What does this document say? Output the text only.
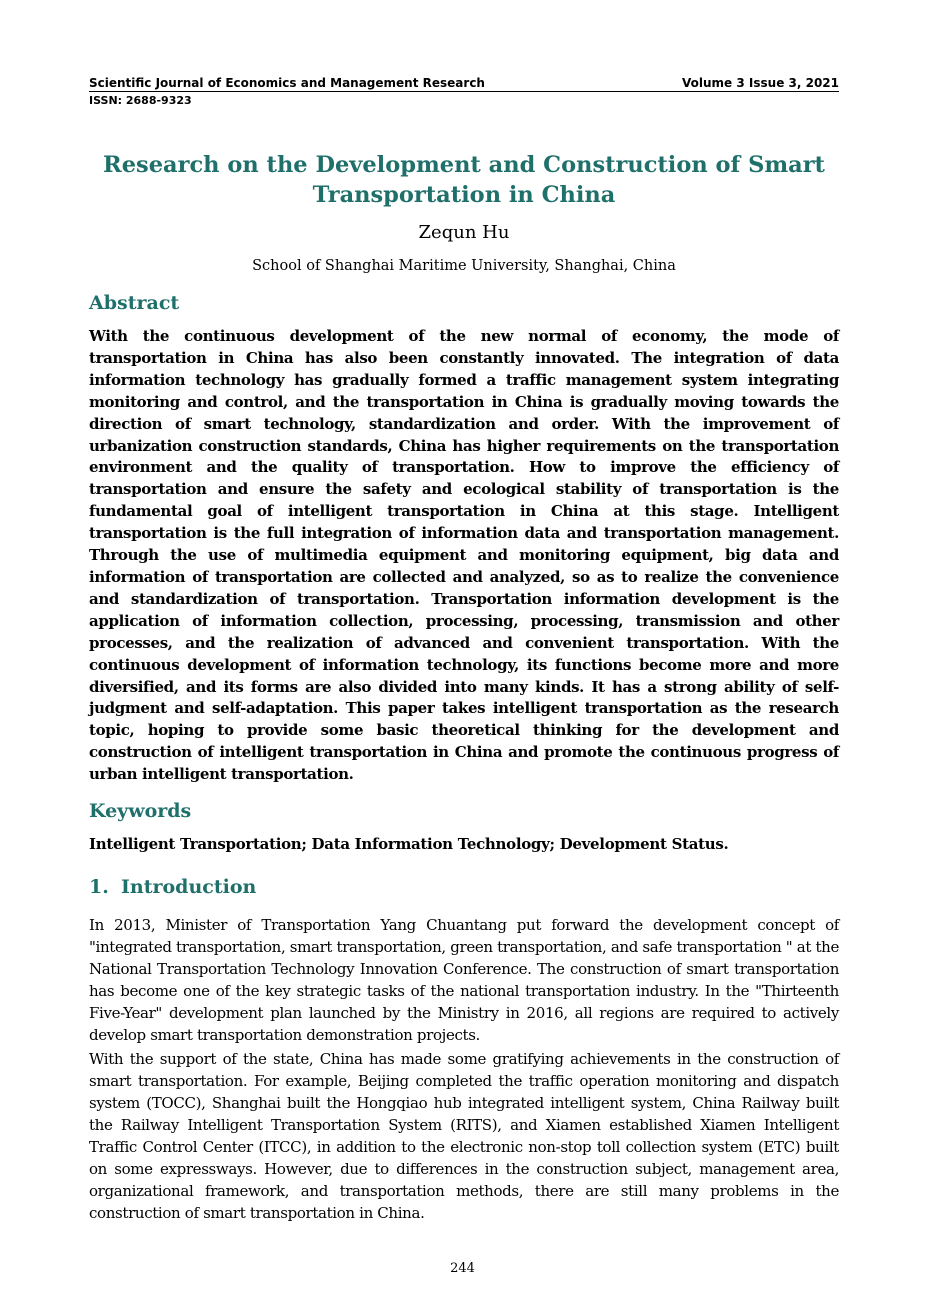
Scientific Journal of Economics and Management Research	Volume 3 Issue 3, 2021
ISSN: 2688-9323
Research on the Development and Construction of Smart
Transportation in China
Zequn Hu
School of Shanghai Maritime University, Shanghai, China
Abstract
With the continuous development of the new normal of economy, the mode of transportation in China has also been constantly innovated. The integration of data information technology has gradually formed a traffic management system integrating monitoring and control, and the transportation in China is gradually moving towards the direction of smart technology, standardization and order. With the improvement of urbanization construction standards, China has higher requirements on the transportation environment and the quality of transportation. How to improve the efficiency of transportation and ensure the safety and ecological stability of transportation is the fundamental goal of intelligent transportation in China at this stage. Intelligent transportation is the full integration of information data and transportation management. Through the use of multimedia equipment and monitoring equipment, big data and information of transportation are collected and analyzed, so as to realize the convenience and standardization of transportation. Transportation information development is the application of information collection, processing, processing, transmission and other processes, and the realization of advanced and convenient transportation. With the continuous development of information technology, its functions become more and more diversified, and its forms are also divided into many kinds. It has a strong ability of self-judgment and self-adaptation. This paper takes intelligent transportation as the research topic, hoping to provide some basic theoretical thinking for the development and construction of intelligent transportation in China and promote the continuous progress of urban intelligent transportation.
Keywords
Intelligent Transportation; Data Information Technology; Development Status.
1. Introduction
In 2013, Minister of Transportation Yang Chuantang put forward the development concept of "integrated transportation, smart transportation, green transportation, and safe transportation " at the National Transportation Technology Innovation Conference. The construction of smart transportation has become one of the key strategic tasks of the national transportation industry. In the "Thirteenth Five-Year" development plan launched by the Ministry in 2016, all regions are required to actively develop smart transportation demonstration projects.
With the support of the state, China has made some gratifying achievements in the construction of smart transportation. For example, Beijing completed the traffic operation monitoring and dispatch system (TOCC), Shanghai built the Hongqiao hub integrated intelligent system, China Railway built the Railway Intelligent Transportation System (RITS), and Xiamen established Xiamen Intelligent Traffic Control Center (ITCC), in addition to the electronic non-stop toll collection system (ETC) built on some expressways. However, due to differences in the construction subject, management area, organizational framework, and transportation methods, there are still many problems in the construction of smart transportation in China.
244
